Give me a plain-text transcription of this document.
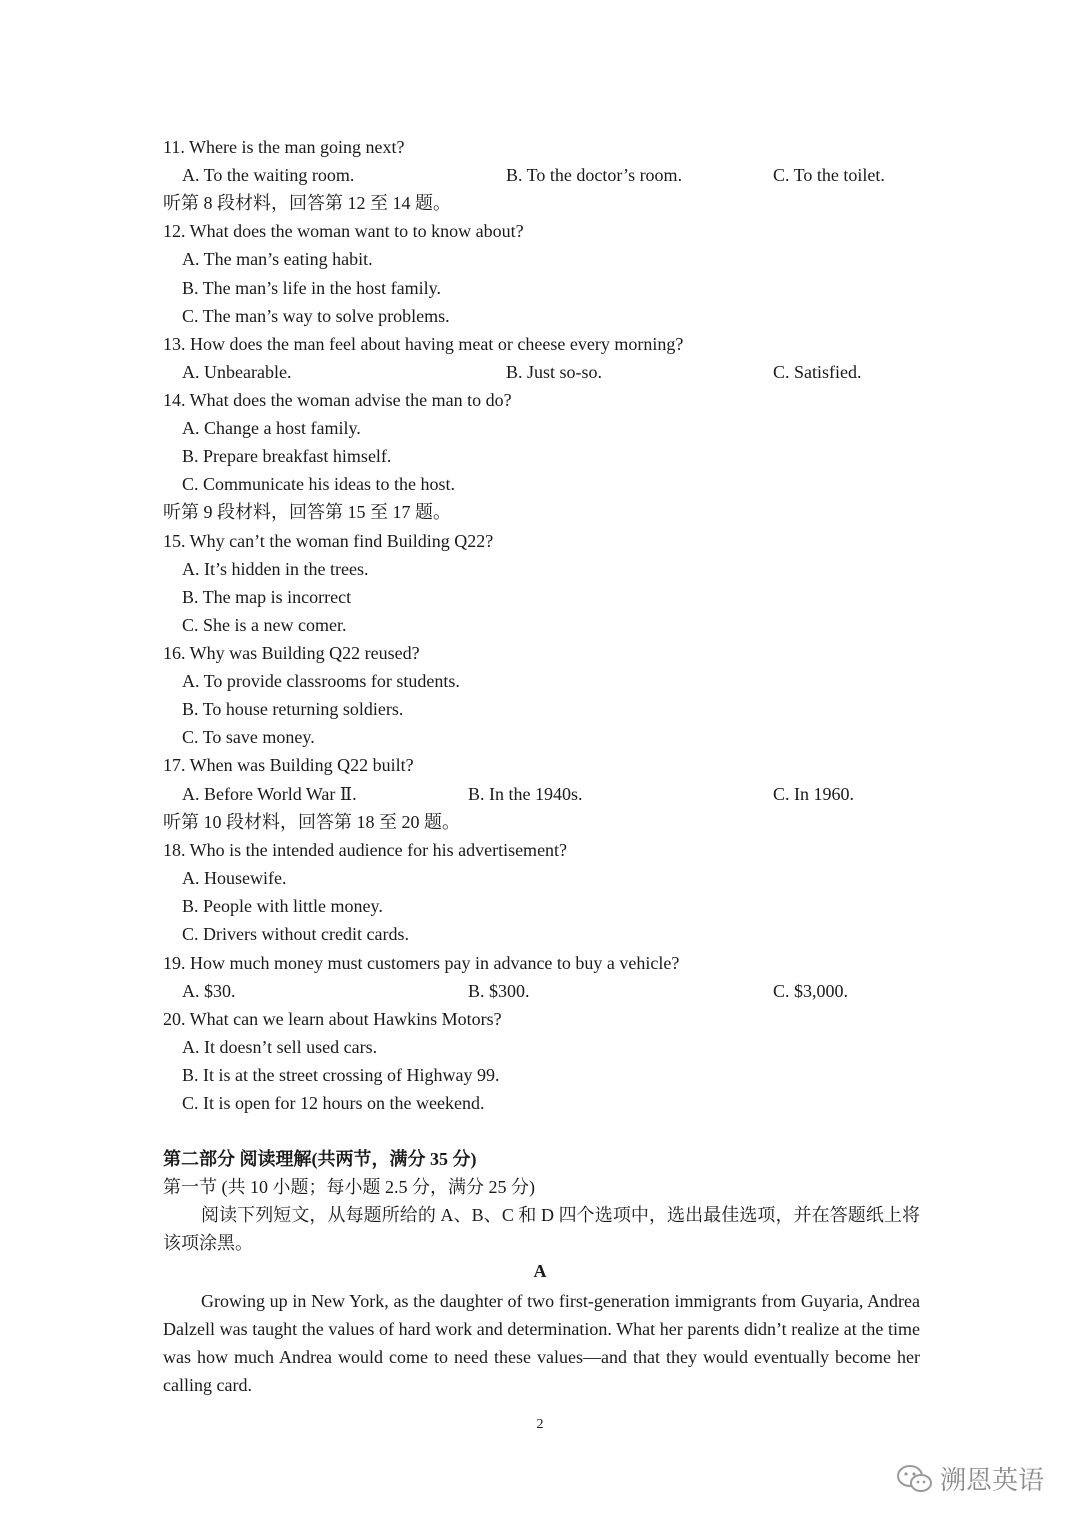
11. Where is the man going next?
A. To the waiting room.	B. To the doctor’s room.	C. To the toilet.
听第 8 段材料，回答第 12 至 14 题。
12. What does the woman want to to know about?
A. The man’s eating habit.
B. The man’s life in the host family.
C. The man’s way to solve problems.
13. How does the man feel about having meat or cheese every morning?
A. Unbearable.	B. Just so-so.	C. Satisfied.
14. What does the woman advise the man to do?
A. Change a host family.
B. Prepare breakfast himself.
C. Communicate his ideas to the host.
听第 9 段材料，回答第 15 至 17 题。
15. Why can’t the woman find Building Q22?
A. It’s hidden in the trees.
B. The map is incorrect
C. She is a new comer.
16. Why was Building Q22 reused?
A. To provide classrooms for students.
B. To house returning soldiers.
C. To save money.
17. When was Building Q22 built?
A. Before World War Ⅱ.	B. In the 1940s.	C. In 1960.
听第 10 段材料，回答第 18 至 20 题。
18. Who is the intended audience for his advertisement?
A. Housewife.
B. People with little money.
C. Drivers without credit cards.
19. How much money must customers pay in advance to buy a vehicle?
A. $30.	B. $300.	C. $3,000.
20. What can we learn about Hawkins Motors?
A. It doesn’t sell used cars.
B. It is at the street crossing of Highway 99.
C. It is open for 12 hours on the weekend.
第二部分 阅读理解(共两节，满分 35 分)
第一节 (共 10 小题；每小题 2.5 分，满分 25 分)
阅读下列短文，从每题所给的 A、B、C 和 D 四个选项中，选出最佳选项，并在答题纸上将该项涂黑。
A
Growing up in New York, as the daughter of two first-generation immigrants from Guyaria, Andrea Dalzell was taught the values of hard work and determination. What her parents didn’t realize at the time was how much Andrea would come to need these values—and that they would eventually become her calling card.
2
溯恩英语
